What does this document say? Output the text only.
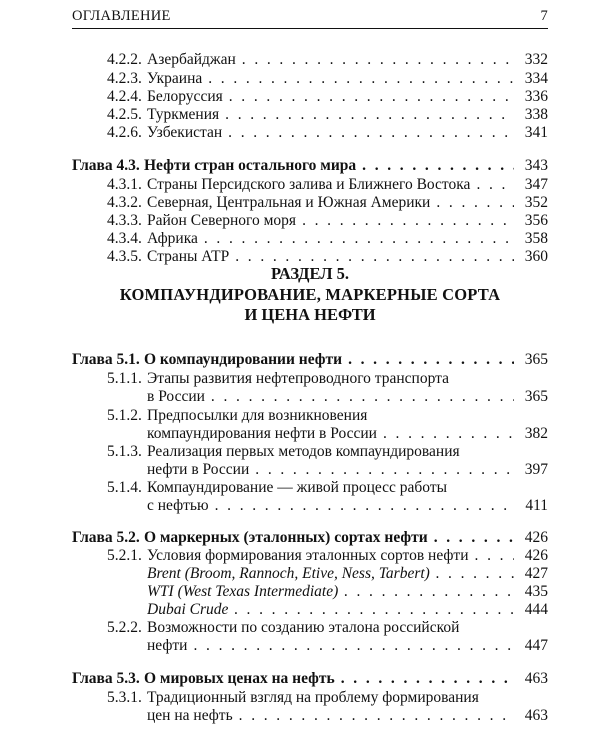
ОГЛАВЛЕНИЕ	7
4.2.2. Азербайджан . . .	332
4.2.3. Украина . . .	334
4.2.4. Белоруссия . . .	336
4.2.5. Туркмения . . .	338
4.2.6. Узбекистан . . .	341
Глава 4.3. Нефти стран остального мира . . .	343
4.3.1. Страны Персидского залива и Ближнего Востока . . .	347
4.3.2. Северная, Центральная и Южная Америки . . .	352
4.3.3. Район Северного моря . . .	356
4.3.4. Африка . . .	358
4.3.5. Страны АТР . . .	360
РАЗДЕЛ 5.
КОМПАУНДИРОВАНИЕ, МАРКЕРНЫЕ СОРТА
И ЦЕНА НЕФТИ
Глава 5.1. О компаундировании нефти . . .	365
5.1.1. Этапы развития нефтепроводного транспорта
в России . . .	365
5.1.2. Предпосылки для возникновения
компаундирования нефти в России . . .	382
5.1.3. Реализация первых методов компаундирования
нефти в России . . .	397
5.1.4. Компаундирование — живой процесс работы
с нефтью . . .	411
Глава 5.2. О маркерных (эталонных) сортах нефти . . .	426
5.2.1. Условия формирования эталонных сортов нефти . . .	426
Brent (Broom, Rannoch, Etive, Ness, Tarbert) . . .	427
WTI (West Texas Intermediate) . . .	435
Dubai Crude . . .	444
5.2.2. Возможности по созданию эталона российской
нефти . . .	447
Глава 5.3. О мировых ценах на нефть . . .	463
5.3.1. Традиционный взгляд на проблему формирования
цен на нефть . . .	463
